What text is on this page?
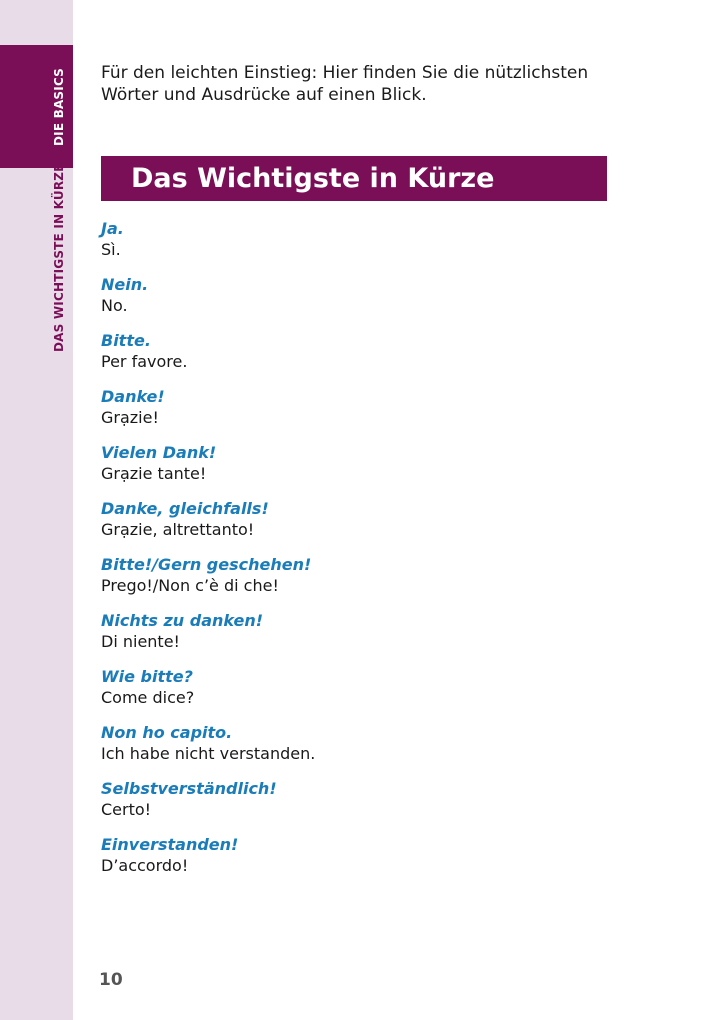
DIE BASICS
DAS WICHTIGSTE IN KÜRZE
Für den leichten Einstieg: Hier finden Sie die nützlichsten Wörter und Ausdrücke auf einen Blick.
Das Wichtigste in Kürze
Ja.
Sì.
Nein.
No.
Bitte.
Per favore.
Danke!
Grạzie!
Vielen Dank!
Grạzie tante!
Danke, gleichfalls!
Grạzie, altrettanto!
Bitte!/Gern geschehen!
Prego!/Non c’è di che!
Nichts zu danken!
Di niente!
Wie bitte?
Come dice?
Non ho capito.
Ich habe nicht verstanden.
Selbstverständlich!
Certo!
Einverstanden!
D’accordo!
10
